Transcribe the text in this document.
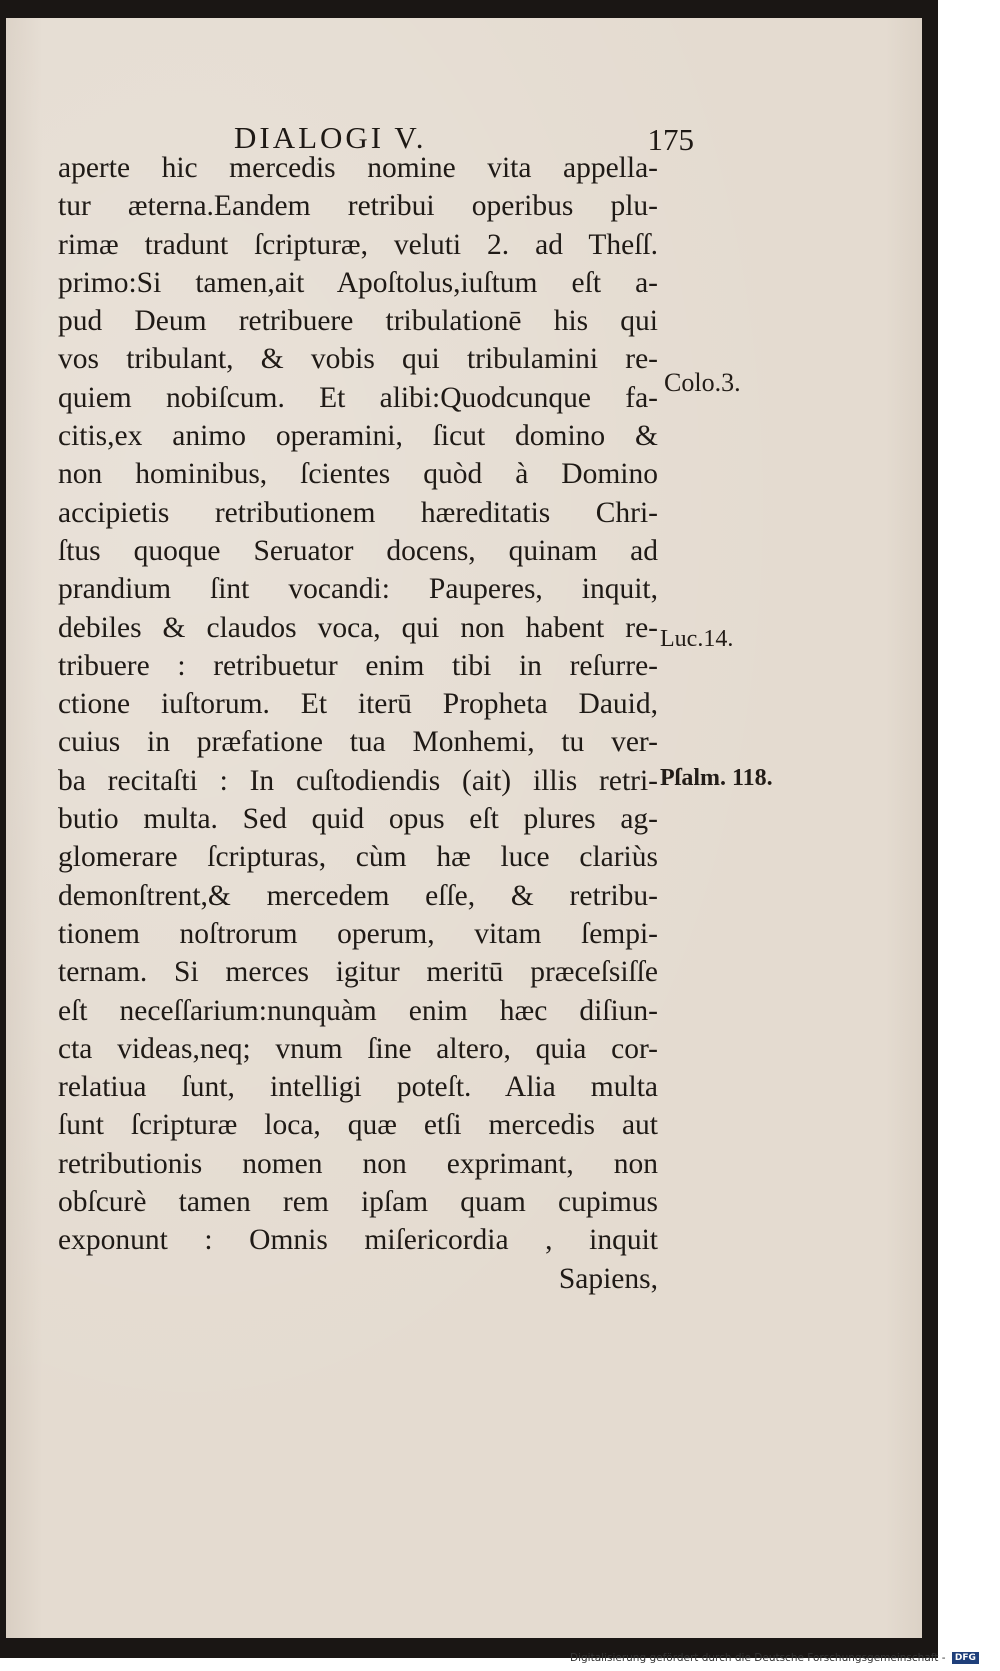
DIALOGI V.	175
aperte hic mercedis nomine vita appella-
tur æterna.Eandem retribui operibus plu-
rimæ tradunt ſcripturæ, veluti 2. ad Theſſ.
primo:Si tamen,ait Apoſtolus,iuſtum eſt a-
pud Deum retribuere tribulationē his qui
vos tribulant, & vobis qui tribulamini re-
quiem nobiſcum. Et alibi:Quodcunque fa-
citis,ex animo operamini, ſicut domino &
non hominibus, ſcientes quòd à Domino
accipietis retributionem hæreditatis Chri-
ſtus quoque Seruator docens, quinam ad
prandium ſint vocandi: Pauperes, inquit,
debiles & claudos voca, qui non habent re-
tribuere : retribuetur enim tibi in reſurre-
ctione iuſtorum. Et iterū Propheta Dauid,
cuius in præfatione tua Monhemi, tu ver-
ba recitaſti : In cuſtodiendis (ait) illis retri-
butio multa. Sed quid opus eſt plures ag-
glomerare ſcripturas, cùm hæ luce clariùs
demonſtrent,& mercedem eſſe, & retribu-
tionem noſtrorum operum, vitam ſempi-
ternam. Si merces igitur meritū præceſsiſſe
eſt neceſſarium:nunquàm enim hæc diſiun-
cta videas,neq; vnum ſine altero, quia cor-
relatiua ſunt, intelligi poteſt. Alia multa
ſunt ſcripturæ loca, quæ etſi mercedis aut
retributionis nomen non exprimant, non
obſcurè tamen rem ipſam quam cupimus
exponunt : Omnis miſericordia , inquit
Sapiens,
Colo.3.
Luc.14.
Pſalm. 118.
Digitalisierung gefördert durch die Deutsche Forschungsgemeinschaft - DFG
